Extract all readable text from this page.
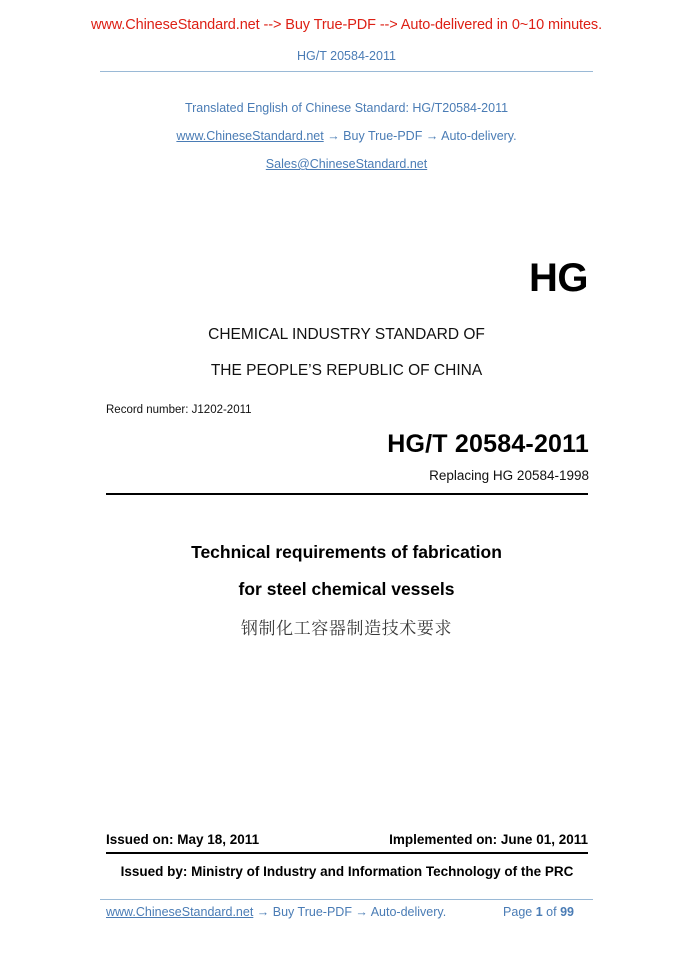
www.ChineseStandard.net --> Buy True-PDF --> Auto-delivered in 0~10 minutes.
HG/T 20584-2011
Translated English of Chinese Standard: HG/T20584-2011
www.ChineseStandard.net → Buy True-PDF → Auto-delivery.
Sales@ChineseStandard.net
HG
CHEMICAL INDUSTRY STANDARD OF
THE PEOPLE’S REPUBLIC OF CHINA
Record number: J1202-2011
HG/T 20584-2011
Replacing HG 20584-1998
Technical requirements of fabrication
for steel chemical vessels
钢制化工容器制造技术要求
Issued on: May 18, 2011	Implemented on: June 01, 2011
Issued by: Ministry of Industry and Information Technology of the PRC
www.ChineseStandard.net → Buy True-PDF → Auto-delivery.	Page 1 of 99
